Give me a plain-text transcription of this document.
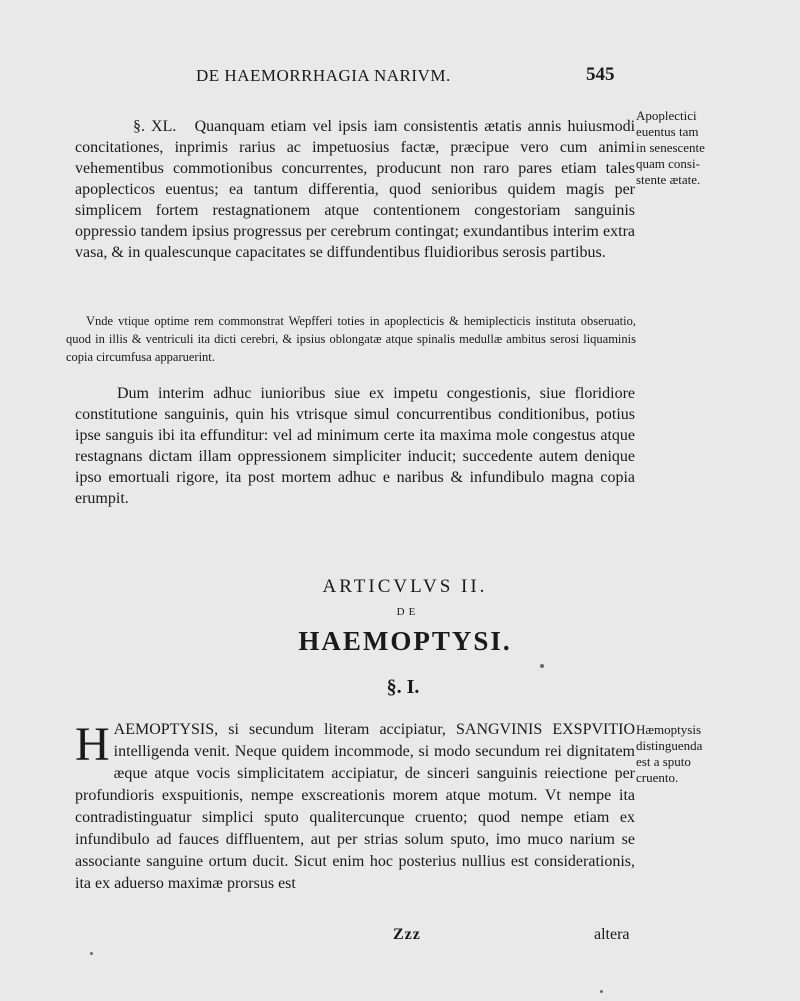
DE HAEMORRHAGIA NARIVM.	545
§. XL. Quanquam etiam vel ipsis iam consistentis ætatis annis huiusmodi concitationes, inprimis rarius ac impetuosius factæ, præcipue vero cum animi vehementibus commotionibus concurrentes, producunt non raro pares etiam tales apoplecticos euentus; ea tantum differentia, quod senioribus quidem magis per simplicem fortem restagnationem atque contentionem congestoriam sanguinis oppressio tandem ipsius progressus per cerebrum contingat; exundantibus interim extra vasa, & in qualescunque capacitates se diffundentibus fluidioribus serosis partibus.
Apoplectici
euentus tam
in senescente
quam consi-
stente ætate.
Vnde vtique optime rem commonstrat Wepfferi toties in apoplecticis & hemiplecticis instituta obseruatio, quod in illis & ventriculi ita dicti cerebri, & ipsius oblongatæ atque spinalis medullæ ambitus serosi liquaminis copia circumfusa apparuerint.
Dum interim adhuc iunioribus siue ex impetu congestionis, siue floridiore constitutione sanguinis, quin his vtrisque simul concurrentibus conditionibus, potius ipse sanguis ibi ita effunditur: vel ad minimum certe ita maxima mole congestus atque restagnans dictam illam oppressionem simpliciter inducit; succedente autem denique ipso emortuali rigore, ita post mortem adhuc e naribus & infundibulo magna copia erumpit.
ARTICVLVS II.
DE
HAEMOPTYSI.
§. I.
H AEMOPTYSIS, si secundum literam accipiatur, SANGVINIS EXSPVITIO intelligenda venit. Neque quidem incommode, si modo secundum rei dignitatem æque atque vocis simplicitatem accipiatur, de sinceri sanguinis reiectione per profundioris exspuitionis, nempe exscreationis morem atque motum. Vt nempe ita contradistinguatur simplici sputo qualitercunque cruento; quod nempe etiam ex infundibulo ad fauces diffluentem, aut per strias solum sputo, imo muco narium se associante sanguine ortum ducit. Sicut enim hoc posterius nullius est considerationis, ita ex aduerso maximæ prorsus est
Hæmoptysis
distinguenda
est a sputo
cruento.
Zzz	altera
